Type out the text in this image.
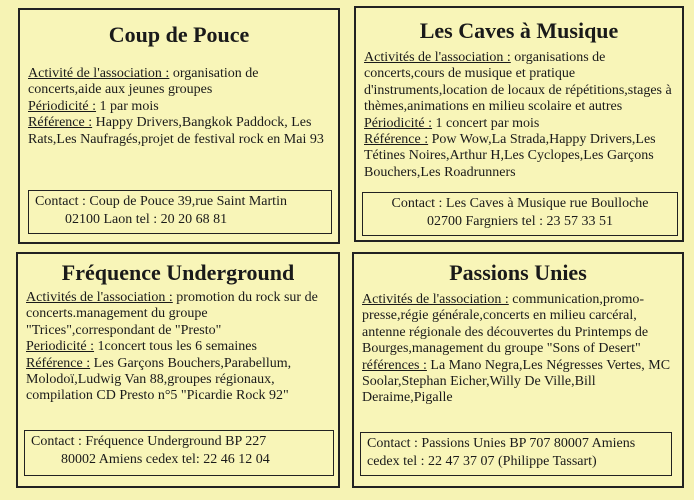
Coup de Pouce

Activité de l'association : organisation de concerts,aide aux jeunes groupes

Périodicité : 1 par mois

Référence : Happy Drivers,Bangkok Paddock, Les Rats,Les Naufragés,projet de festival rock en Mai 93

Contact : Coup de Pouce 39,rue Saint Martin
02100 Laon tel : 20 20 68 81
Les Caves à Musique

Activités de l'association : organisations de concerts,cours de musique et pratique d'instruments,location de locaux de répétitions,stages à thèmes,animations en milieu scolaire et autres

Périodicité : 1 concert par mois

Référence : Pow Wow,La Strada,Happy Drivers,Les Tétines Noires,Arthur H,Les Cyclopes,Les Garçons Bouchers,Les Roadrunners

Contact : Les Caves à Musique rue Boulloche
02700 Fargniers tel : 23 57 33 51
Fréquence Underground

Activités de l'association : promotion du rock sur de concerts.management du groupe "Trices",correspondant de "Presto"

Periodicité : 1concert tous les 6 semaines

Référence : Les Garçons Bouchers,Parabellum, Molodoï,Ludwig Van 88,groupes régionaux, compilation CD Presto n°5 "Picardie Rock 92"

Contact : Fréquence Underground BP 227
80002 Amiens cedex tel: 22 46 12 04
Passions Unies

Activités de l'association : communication,promo-presse,régie générale,concerts en milieu carcéral, antenne régionale des découvertes du Printemps de Bourges,management du groupe "Sons of Desert"

références : La Mano Negra,Les Négresses Vertes, MC Soolar,Stephan Eicher,Willy De Ville,Bill Deraime,Pigalle

Contact : Passions Unies BP 707 80007 Amiens
cedex tel : 22 47 37 07 (Philippe Tassart)
